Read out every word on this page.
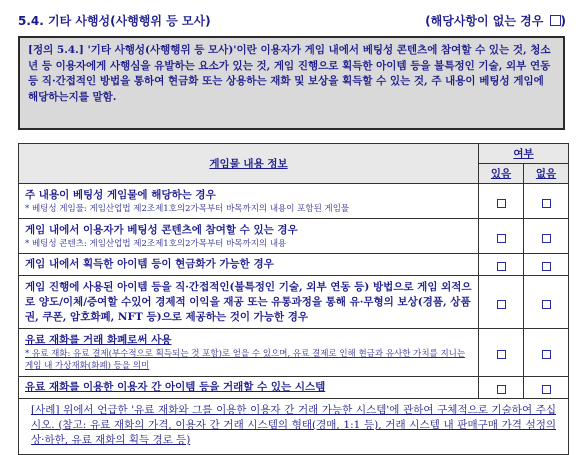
5.4. 기타 사행성(사행행위 등 모사)	(해당사항이 없는 경우 )
[정의 5.4.] '기타 사행성(사행행위 등 모사)'이란 이용자가 게임 내에서 베팅성 콘텐츠에 참여할 수 있는 것, 청소년 등 이용자에게 사행심을 유발하는 요소가 있는 것, 게임 진행으로 획득한 아이템 등을 불특정인 기술, 외부 연동 등 직·간접적인 방법을 통하여 현금화 또는 상용하는 재화 및 보상을 획득할 수 있는 것, 주 내용이 베팅성 게임에 해당하는지를 말함.
게임물 내용 정보	여부	
	있음	없음

주 내용이 베팅성 게임물에 해당하는 경우
* 베팅성 게임물: 게임산업법 제2조제1호의2가목부터 바목까지의 내용이 포함된 게임물		

게임 내에서 이용자가 베팅성 콘텐츠에 참여할 수 있는 경우
* 베팅성 콘텐츠: 게임산업법 제2조제1호의2가목부터 바목까지의 내용		

게임 내에서 획득한 아이템 등이 현금화가 가능한 경우		

게임 진행에 사용된 아이템 등을 직·간접적인(불특정인 기술, 외부 연동 등) 방법으로 게임 외적으로 양도/이체/증여할 수있어 경제적 이익을 재공 또는 유통과정을 통해 유·무형의 보상(경품, 상품권, 쿠폰, 암호화폐, NFT 등)으로 제공하는 것이 가능한 경우		

유료 재화를 거래 화폐로써 사용
* 유료 재화: 유료 결제(부수적으로 획득되는 것 포함)로 얻을 수 있으며, 유료 결제로 인해 현금과 유사한 가치를 지니는 게임 내 가상재화(화폐) 등을 의미		

유료 재화를 이용한 이용자 간 아이템 등을 거래할 수 있는 시스템		

[사례] 위에서 언급한 '유료 재화와 그를 이용한 이용자 간 거래 가능한 시스템'에 관하여 구체적으로 기술하여 주십시오. (참고: 유료 재화의 가격, 이용자 간 거래 시스템의 형태(경매, 1:1 등), 거래 시스템 내 판매구매 가격 설정의 상·하한, 유료 재화의 획득 경로 등)		
